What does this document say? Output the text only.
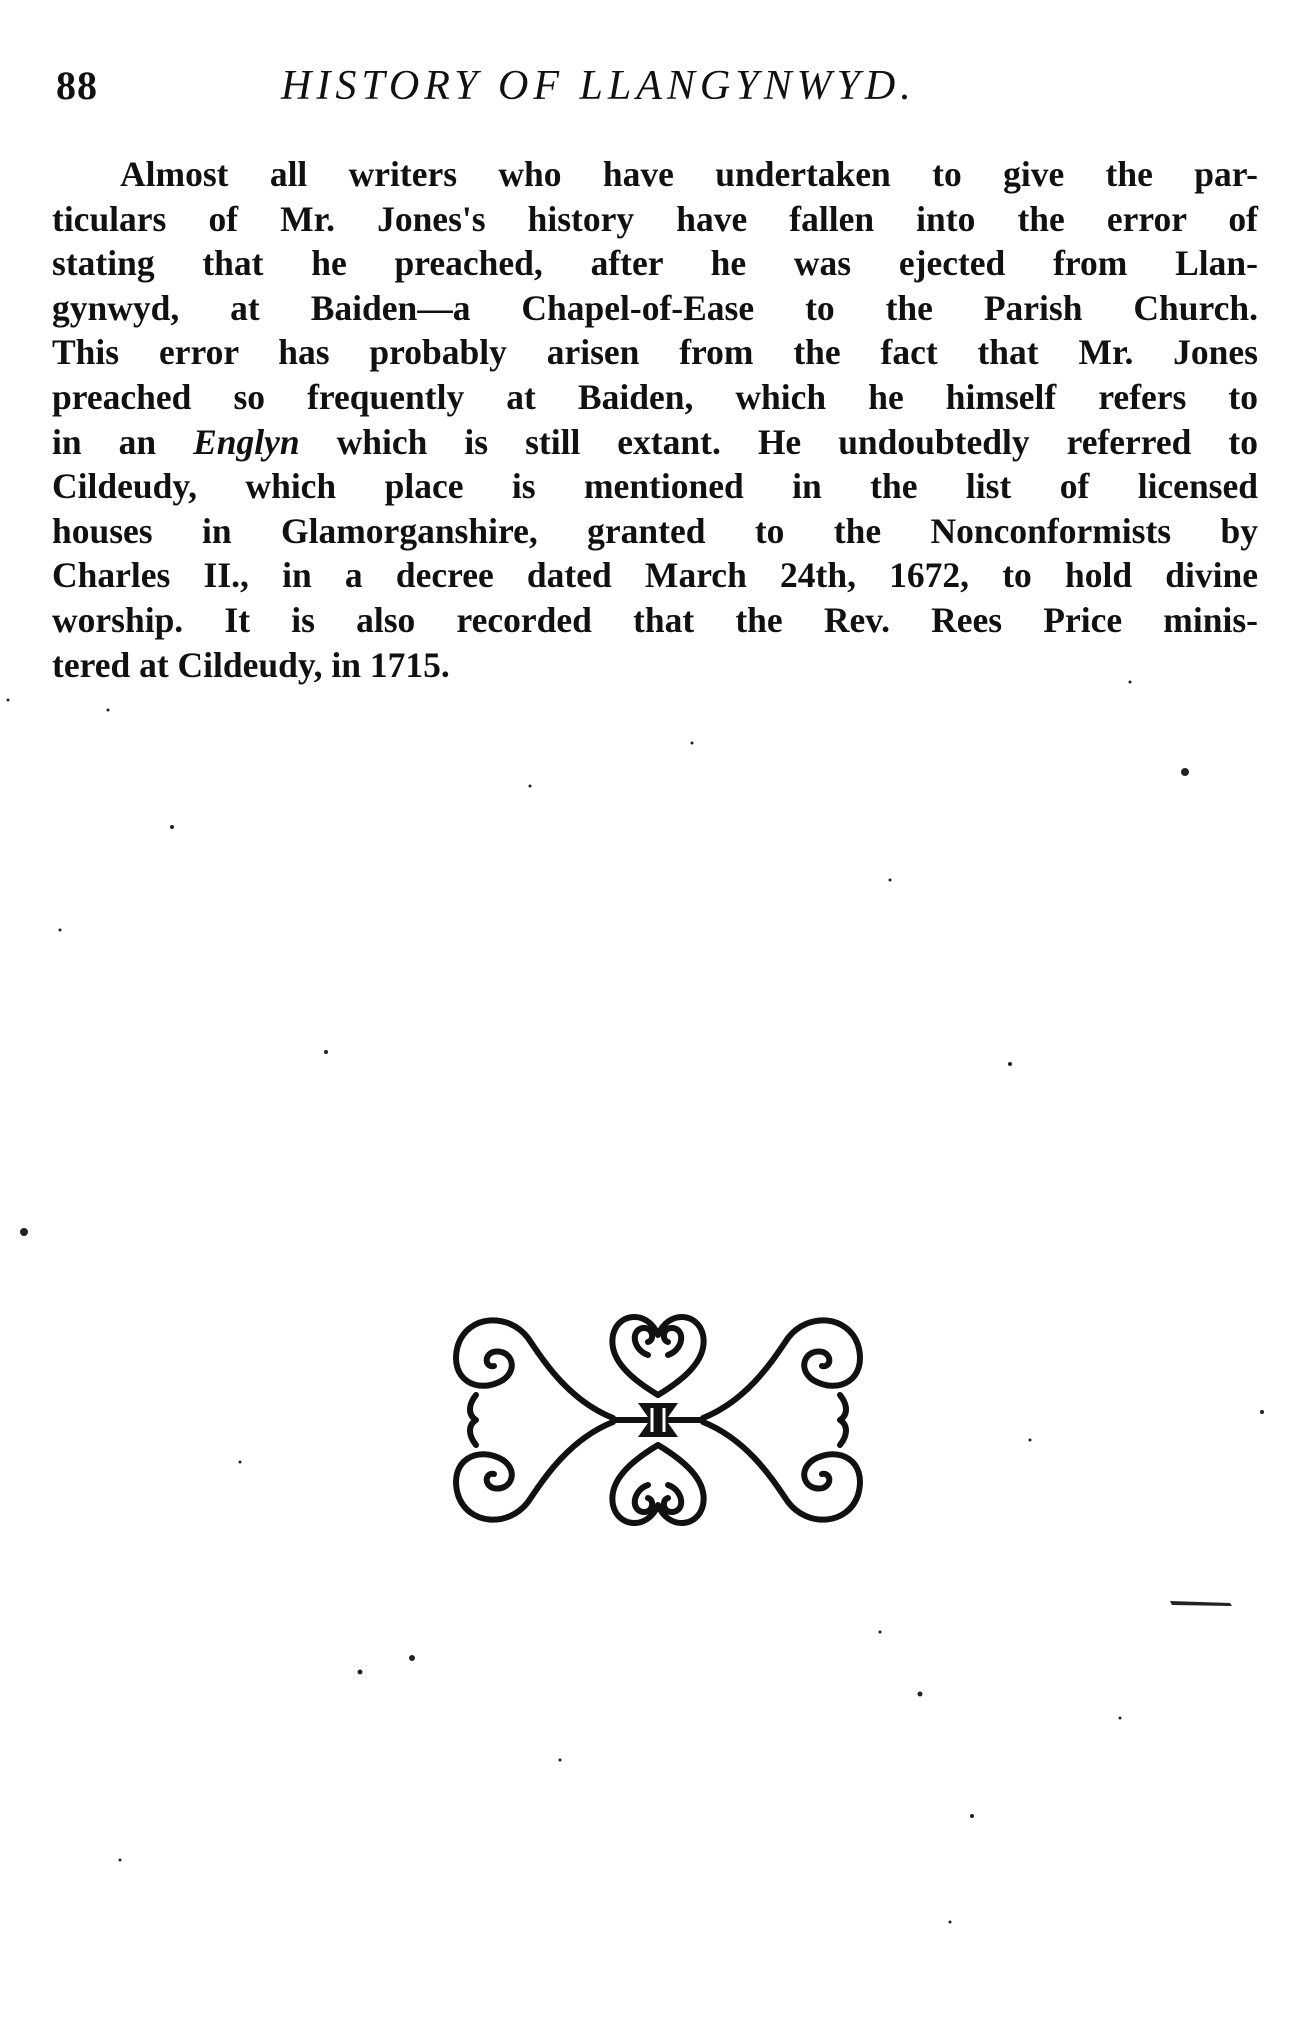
88	HISTORY OF LLANGYNWYD.
Almost all writers who have undertaken to give the par-
ticulars of Mr. Jones's history have fallen into the error of
stating that he preached, after he was ejected from Llan-
gynwyd, at Baiden—a Chapel-of-Ease to the Parish Church.
This error has probably arisen from the fact that Mr. Jones
preached so frequently at Baiden, which he himself refers to
in an Englyn which is still extant. He undoubtedly referred to
Cildeudy, which place is mentioned in the list of licensed
houses in Glamorganshire, granted to the Nonconformists by
Charles II., in a decree dated March 24th, 1672, to hold divine
worship. It is also recorded that the Rev. Rees Price minis-
tered at Cildeudy, in 1715.
